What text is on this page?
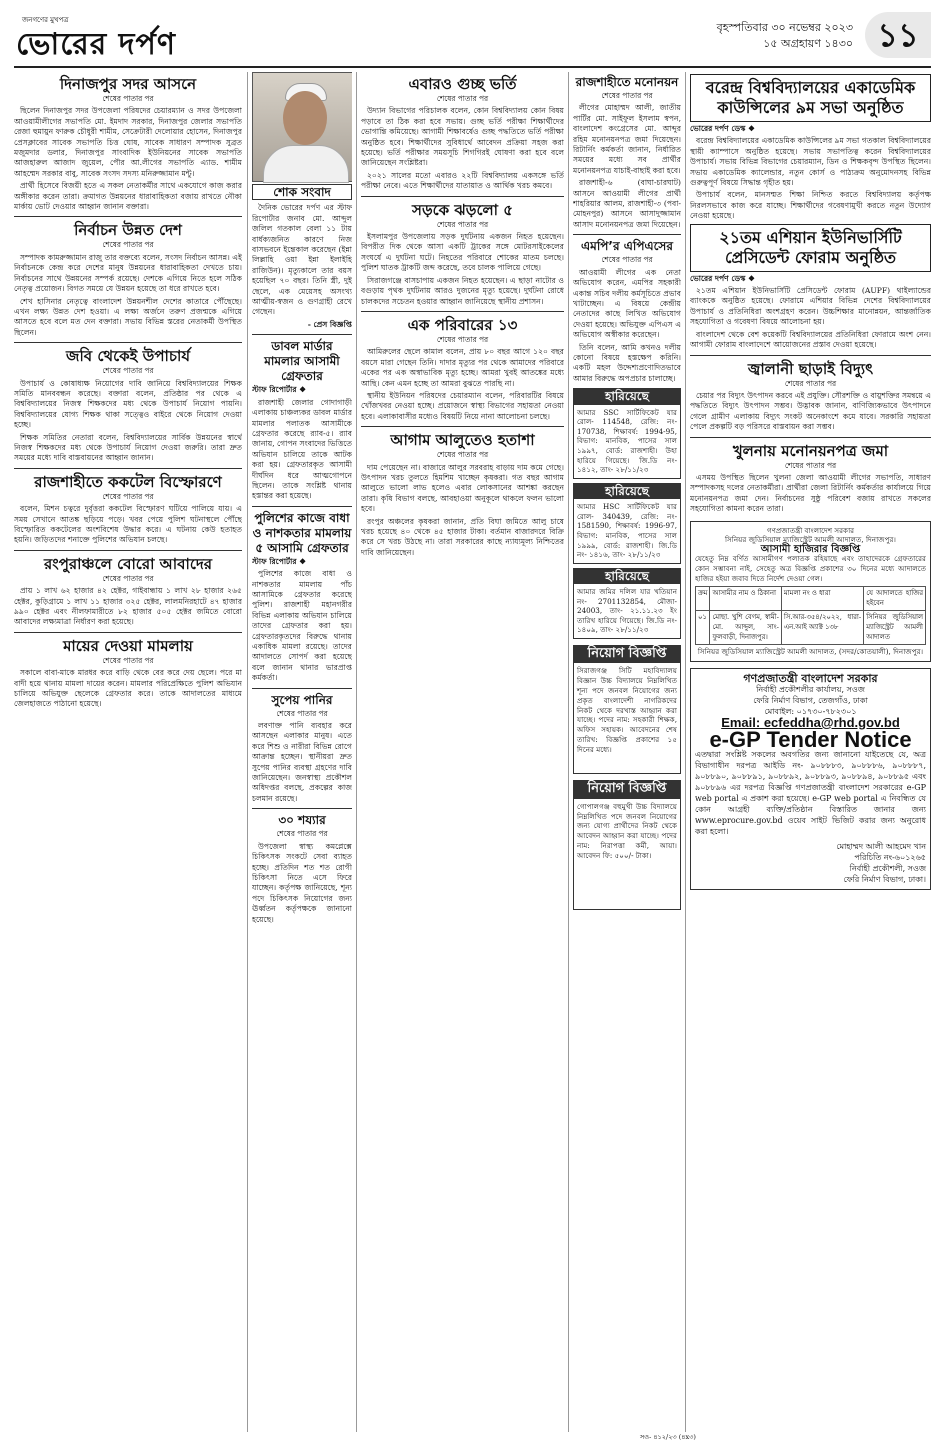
জনগণের মুখপত্র
ভোরের দর্পণ	বৃহস্পতিবার ৩০ নভেম্বর ২০২৩
১৫ অগ্রহায়ণ ১৪৩০ ১১
দিনাজপুর সদর আসনে
শেষের পাতার পর

ছিলেন দিনাজপুর সদর উপজেলা পরিষদের চেয়ারম্যান ও সদর উপজেলা আওয়ামীলীগের সভাপতি মো. ইমদাদ সরকার, দিনাজপুর জেলার সভাপতি রেজা হুমায়ুন ফারুক চৌধুরী শামীম, সেক্রেটারী দেলোয়ার হোসেন, দিনাজপুর প্রেসক্লাবের সাবেক সভাপতি চিত্ত ঘোষ, সাবেক সাধারণ সম্পাদক সুব্রত মজুমদার ডলার, দিনাজপুর সাংবাদিক ইউনিয়নের সাবেক সভাপতি আজহারুল আজাদ জুয়েল, পৌর আ.লীগের সভাপতি এ্যাড. শামীম আহম্মেদ সরকার বাবু, সাবেক সংসদ সদস্য মনিরুজ্জামান মন্টু।

প্রার্থী হিসেবে বিজয়ী হতে এ সকল নেতাকর্মীর সাথে একযোগে কাজ করার অঙ্গীকার করেন তারা। ক্রমাগত উন্নয়নের ধারাবাহিকতা বজায় রাখতে নৌকা মার্কায় ভোট দেওয়ার আহ্বান জানান বক্তারা।

নির্বাচন উন্নত দেশ
শেষের পাতার পর

সম্পাদক কামরুজ্জামান রাজু তার বক্তব্যে বলেন, সংসদ নির্বাচন আসন্ন। এই নির্বাচনকে কেন্দ্র করে দেশের মানুষ উন্নয়নের ধারাবাহিকতা দেখতে চায়। নির্বাচনের সাথে উন্নয়নের সম্পর্ক রয়েছে। দেশকে এগিয়ে নিতে হলে সঠিক নেতৃত্ব প্রয়োজন। বিগত সময়ে যে উন্নয়ন হয়েছে তা ধরে রাখতে হবে।

শেখ হাসিনার নেতৃত্বে বাংলাদেশ উন্নয়নশীল দেশের কাতারে পৌঁছেছে। এখন লক্ষ্য উন্নত দেশ হওয়া। এ লক্ষ্য অর্জনে তরুণ প্রজন্মকে এগিয়ে আসতে হবে বলে মত দেন বক্তারা। সভায় বিভিন্ন স্তরের নেতাকর্মী উপস্থিত ছিলেন।

জবি থেকেই উপাচার্য
শেষের পাতার পর

উপাচার্য ও কোষাধ্যক্ষ নিয়োগের দাবি জানিয়ে বিশ্ববিদ্যালয়ের শিক্ষক সমিতি মানববন্ধন করেছে। বক্তারা বলেন, প্রতিষ্ঠার পর থেকে এ বিশ্ববিদ্যালয়ের নিজস্ব শিক্ষকদের মধ্য থেকে উপাচার্য নিয়োগ পায়নি। বিশ্ববিদ্যালয়ের যোগ্য শিক্ষক থাকা সত্ত্বেও বাইরে থেকে নিয়োগ দেওয়া হচ্ছে।

শিক্ষক সমিতির নেতারা বলেন, বিশ্ববিদ্যালয়ের সার্বিক উন্নয়নের স্বার্থে নিজস্ব শিক্ষকদের মধ্য থেকে উপাচার্য নিয়োগ দেওয়া জরুরি। তারা দ্রুত সময়ের মধ্যে দাবি বাস্তবায়নের আহ্বান জানান।

রাজশাহীতে ককটেল বিস্ফোরণে
শেষের পাতার পর

বলেন, মিশন চত্বরে দুর্বৃত্তরা ককটেল বিস্ফোরণ ঘটিয়ে পালিয়ে যায়। এ সময় সেখানে আতঙ্ক ছড়িয়ে পড়ে। খবর পেয়ে পুলিশ ঘটনাস্থলে পৌঁছে বিস্ফোরিত ককটেলের অংশবিশেষ উদ্ধার করে। এ ঘটনায় কেউ হতাহত হয়নি। জড়িতদের শনাক্তে পুলিশের অভিযান চলছে।

রংপুরাঞ্চলে বোরো আবাদের
শেষের পাতার পর

প্রায় ১ লাখ ৬২ হাজার ৪২ হেক্টর, গাইবান্ধায় ১ লাখ ২৮ হাজার ২৬৫ হেক্টর, কুড়িগ্রামে ১ লাখ ১১ হাজার ৩২৫ হেক্টর, লালমনিরহাটে ৪৭ হাজার ৯৯০ হেক্টর এবং নীলফামারীতে ৮২ হাজার ৫০৫ হেক্টর জমিতে বোরো আবাদের লক্ষ্যমাত্রা নির্ধারণ করা হয়েছে।

মায়ের দেওয়া মামলায়
শেষের পাতার পর

সকালে বাবা-মাকে মারধর করে বাড়ি থেকে বের করে দেয় ছেলে। পরে মা বাদী হয়ে থানায় মামলা দায়ের করেন। মামলার পরিপ্রেক্ষিতে পুলিশ অভিযান চালিয়ে অভিযুক্ত ছেলেকে গ্রেফতার করে। তাকে আদালতের মাধ্যমে জেলহাজতে পাঠানো হয়েছে।

শোক সংবাদ

দৈনিক ভোরের দর্পণ এর স্টাফ রিপোর্টার জনাব মো. আব্দুল জলিল গতকাল বেলা ১১ টায় বার্ধক্যজনিত কারণে নিজ বাসভবনে ইন্তেকাল করেছেন (ইন্না লিল্লাহি ওয়া ইন্না ইলাইহি রাজিউন)। মৃত্যুকালে তার বয়স হয়েছিল ৭০ বছর। তিনি স্ত্রী, দুই ছেলে, এক মেয়েসহ অসংখ্য আত্মীয়-স্বজন ও গুণগ্রাহী রেখে গেছেন।

- প্রেস বিজ্ঞপ্তি
ডাবল মার্ডার মামলার আসামী গ্রেফতার
স্টাফ রিপোর্টার ❖

রাজশাহী জেলার গোদাগাড়ী এলাকায় চাঞ্চল্যকর ডাবল মার্ডার মামলার পলাতক আসামীকে গ্রেফতার করেছে র‌্যাব-৫। র‌্যাব জানায়, গোপন সংবাদের ভিত্তিতে অভিযান চালিয়ে তাকে আটক করা হয়। গ্রেফতারকৃত আসামী দীর্ঘদিন ধরে আত্মগোপনে ছিলেন। তাকে সংশ্লিষ্ট থানায় হস্তান্তর করা হয়েছে।

পুলিশের কাজে বাধা ও নাশকতার মামলায় ৫ আসামি গ্রেফতার
স্টাফ রিপোর্টার ❖

পুলিশের কাজে বাধা ও নাশকতার মামলায় পাঁচ আসামিকে গ্রেফতার করেছে পুলিশ। রাজশাহী মহানগরীর বিভিন্ন এলাকায় অভিযান চালিয়ে তাদের গ্রেফতার করা হয়। গ্রেফতারকৃতদের বিরুদ্ধে থানায় একাধিক মামলা রয়েছে। তাদের আদালতে সোপর্দ করা হয়েছে বলে জানান থানার ভারপ্রাপ্ত কর্মকর্তা।

সুপেয় পানির
শেষের পাতার পর

লবণাক্ত পানি ব্যবহার করে আসছেন এলাকার মানুষ। এতে করে শিশু ও নারীরা বিভিন্ন রোগে আক্রান্ত হচ্ছেন। স্থানীয়রা দ্রুত সুপেয় পানির ব্যবস্থা গ্রহণের দাবি জানিয়েছেন। জনস্বাস্থ্য প্রকৌশল অধিদপ্তর বলছে, প্রকল্পের কাজ চলমান রয়েছে।

৩০ শয্যার
শেষের পাতার পর

উপজেলা স্বাস্থ্য কমপ্লেক্সে চিকিৎসক সংকটে সেবা ব্যাহত হচ্ছে। প্রতিদিন শত শত রোগী চিকিৎসা নিতে এসে ফিরে যাচ্ছেন। কর্তৃপক্ষ জানিয়েছে, শূন্য পদে চিকিৎসক নিয়োগের জন্য ঊর্ধ্বতন কর্তৃপক্ষকে জানানো হয়েছে।

এবারও গুচ্ছ ভর্তি
শেষের পাতার পর

উদ্যান বিভাগের পরিচালক বলেন, কোন বিশ্ববিদ্যালয় কোন বিষয় পড়াবে তা ঠিক করা হবে সভায়। গুচ্ছ ভর্তি পরীক্ষা শিক্ষার্থীদের ভোগান্তি কমিয়েছে। আগামী শিক্ষাবর্ষেও গুচ্ছ পদ্ধতিতে ভর্তি পরীক্ষা অনুষ্ঠিত হবে। শিক্ষার্থীদের সুবিধার্থে আবেদন প্রক্রিয়া সহজ করা হয়েছে। ভর্তি পরীক্ষার সময়সূচি শিগগিরই ঘোষণা করা হবে বলে জানিয়েছেন সংশ্লিষ্টরা।

২০২১ সালের মতো এবারও ২২টি বিশ্ববিদ্যালয় একসঙ্গে ভর্তি পরীক্ষা নেবে। এতে শিক্ষার্থীদের যাতায়াত ও আর্থিক খরচ কমবে।

সড়কে ঝড়লো ৫
শেষের পাতার পর

ইসলামপুর উপজেলায় সড়ক দুর্ঘটনায় একজন নিহত হয়েছেন। বিপরীত দিক থেকে আসা একটি ট্রাকের সঙ্গে মোটরসাইকেলের সংঘর্ষে এ দুর্ঘটনা ঘটে। নিহতের পরিবারে শোকের মাতম চলছে। পুলিশ ঘাতক ট্রাকটি জব্দ করেছে, তবে চালক পালিয়ে গেছে।

সিরাজগঞ্জে বাসচাপায় একজন নিহত হয়েছেন। এ ছাড়া নাটোর ও বগুড়ায় পৃথক দুর্ঘটনায় আরও দুজনের মৃত্যু হয়েছে। দুর্ঘটনা রোধে চালকদের সচেতন হওয়ার আহ্বান জানিয়েছে স্থানীয় প্রশাসন।

এক পরিবারের ১৩
শেষের পাতার পর

আমিরুলের ছেলে কামাল বলেন, প্রায় ৮০ বছর আগে ১২০ বছর বয়সে মারা গেছেন তিনি। দাদার মৃত্যুর পর থেকে আমাদের পরিবারে একের পর এক অস্বাভাবিক মৃত্যু হচ্ছে। আমরা খুবই আতঙ্কের মধ্যে আছি। কেন এমন হচ্ছে তা আমরা বুঝতে পারছি না।

স্থানীয় ইউনিয়ন পরিষদের চেয়ারম্যান বলেন, পরিবারটির বিষয়ে খোঁজখবর নেওয়া হচ্ছে। প্রয়োজনে স্বাস্থ্য বিভাগের সহায়তা নেওয়া হবে। এলাকাবাসীর মধ্যেও বিষয়টি নিয়ে নানা আলোচনা চলছে।

আগাম আলুতেও হতাশা
শেষের পাতার পর

দাম পেয়েছেন না। বাজারে আলুর সরবরাহ বাড়ায় দাম কমে গেছে। উৎপাদন খরচ তুলতে হিমশিম খাচ্ছেন কৃষকরা। গত বছর আগাম আলুতে ভালো লাভ হলেও এবার লোকসানের আশঙ্কা করছেন তারা। কৃষি বিভাগ বলছে, আবহাওয়া অনুকূলে থাকলে ফলন ভালো হবে।

রংপুর অঞ্চলের কৃষকরা জানান, প্রতি বিঘা জমিতে আলু চাষে খরচ হয়েছে ৪০ থেকে ৪৫ হাজার টাকা। বর্তমান বাজারদরে বিক্রি করে সে খরচ উঠছে না। তারা সরকারের কাছে ন্যায্যমূল্য নিশ্চিতের দাবি জানিয়েছেন।

রাজশাহীতে মনোনয়ন
শেষের পাতার পর

লীগের মোহাম্মদ আলী, জাতীয় পার্টির মো. সাইফুল ইসলাম স্বপন, বাংলাদেশ কংগ্রেসের মো. আব্দুর রহিম মনোনয়নপত্র জমা দিয়েছেন। রিটার্নিং কর্মকর্তা জানান, নির্ধারিত সময়ের মধ্যে সব প্রার্থীর মনোনয়নপত্র যাচাই-বাছাই করা হবে।

রাজশাহী-৬ (বাঘা-চারঘাট) আসনে আওয়ামী লীগের প্রার্থী শাহরিয়ার আলম, রাজশাহী-৩ (পবা-মোহনপুর) আসনে আসাদুজ্জামান আসাদ মনোনয়নপত্র জমা দিয়েছেন।

এমপি’র এপিএসের
শেষের পাতার পর

আওয়ামী লীগের এক নেতা অভিযোগ করেন, এমপির সহকারী একান্ত সচিব দলীয় কর্মসূচিতে প্রভাব খাটাচ্ছেন। এ বিষয়ে কেন্দ্রীয় নেতাদের কাছে লিখিত অভিযোগ দেওয়া হয়েছে। অভিযুক্ত এপিএস এ অভিযোগ অস্বীকার করেছেন।

তিনি বলেন, আমি কখনও দলীয় কোনো বিষয়ে হস্তক্ষেপ করিনি। একটি মহল উদ্দেশ্যপ্রণোদিতভাবে আমার বিরুদ্ধে অপপ্রচার চালাচ্ছে।

হারিয়েছে
আমার SSC সার্টিফিকেট যার রোল- 114548, রেজি: নং- 170738, শিক্ষাবর্ষ: 1994-95, বিভাগ: মানবিক, পাসের সাল ১৯৯৭, বোর্ড: রাজশাহী। উহা হারিয়ে গিয়েছে। জি.ডি নং- ১৪১২, তাং- ২৮/১১/২৩
হারিয়েছে
আমার HSC সার্টিফিকেট যার রোল- 340439, রেজি: নং- 1581590, শিক্ষাবর্ষ: 1996-97, বিভাগ: মানবিক, পাসের সাল ১৯৯৯, বোর্ড: রাজশাহী। জি.ডি নং- ১৪১৬, তাং- ২৮/১১/২৩
হারিয়েছে
আমার জমির দলিল যার খতিয়ান নং- 2701132854, মৌজা- 24003, তাং- ২১.১১.২৩ ইং তারিখ হারিয়ে গিয়েছে। জি.ডি নং- ১৪০৯, তাং- ২৮/১১/২৩
নিয়োগ বিজ্ঞপ্তি
সিরাজগঞ্জ সিটি মহাবিদ্যালয় বিজ্ঞান উচ্চ বিদ্যালয়ে নিম্নলিখিত শূন্য পদে জনবল নিয়োগের জন্য প্রকৃত বাংলাদেশী নাগরিকদের নিকট থেকে দরখাস্ত আহ্বান করা যাচ্ছে। পদের নাম: সহকারী শিক্ষক, অফিস সহায়ক। আবেদনের শেষ তারিখ: বিজ্ঞপ্তি প্রকাশের ১৫ দিনের মধ্যে।
নিয়োগ বিজ্ঞপ্তি
গোপালগঞ্জ বহুমুখী উচ্চ বিদ্যালয়ে নিম্নলিখিত পদে জনবল নিয়োগের জন্য যোগ্য প্রার্থীদের নিকট থেকে আবেদন আহ্বান করা যাচ্ছে। পদের নাম: নিরাপত্তা কর্মী, আয়া। আবেদন ফি: ৫০০/- টাকা।
বরেন্দ্র বিশ্ববিদ্যালয়ের একাডেমিক কাউন্সিলের ৯ম সভা অনুষ্ঠিত
ভোরের দর্পণ ডেস্ক ❖

বরেন্দ্র বিশ্ববিদ্যালয়ের একাডেমিক কাউন্সিলের ৯ম সভা গতকাল বিশ্ববিদ্যালয়ের স্থায়ী ক্যাম্পাসে অনুষ্ঠিত হয়েছে। সভায় সভাপতিত্ব করেন বিশ্ববিদ্যালয়ের উপাচার্য। সভায় বিভিন্ন বিভাগের চেয়ারম্যান, ডিন ও শিক্ষকবৃন্দ উপস্থিত ছিলেন। সভায় একাডেমিক ক্যালেন্ডার, নতুন কোর্স ও পাঠ্যক্রম অনুমোদনসহ বিভিন্ন গুরুত্বপূর্ণ বিষয়ে সিদ্ধান্ত গৃহীত হয়।

উপাচার্য বলেন, মানসম্মত শিক্ষা নিশ্চিত করতে বিশ্ববিদ্যালয় কর্তৃপক্ষ নিরলসভাবে কাজ করে যাচ্ছে। শিক্ষার্থীদের গবেষণামুখী করতে নতুন উদ্যোগ নেওয়া হয়েছে।

২১তম এশিয়ান ইউনিভার্সিটি প্রেসিডেন্ট ফোরাম অনুষ্ঠিত
ভোরের দর্পণ ডেস্ক ❖

২১তম এশিয়ান ইউনিভার্সিটি প্রেসিডেন্ট ফোরাম (AUPF) থাইল্যান্ডের ব্যাংককে অনুষ্ঠিত হয়েছে। ফোরামে এশিয়ার বিভিন্ন দেশের বিশ্ববিদ্যালয়ের উপাচার্য ও প্রতিনিধিরা অংশগ্রহণ করেন। উচ্চশিক্ষার মানোন্নয়ন, আন্তর্জাতিক সহযোগিতা ও গবেষণা বিষয়ে আলোচনা হয়।

বাংলাদেশ থেকে বেশ কয়েকটি বিশ্ববিদ্যালয়ের প্রতিনিধিরা ফোরামে অংশ নেন। আগামী ফোরাম বাংলাদেশে আয়োজনের প্রস্তাব দেওয়া হয়েছে।

জ্বালানী ছাড়াই বিদ্যুৎ
শেষের পাতার পর

চেয়ার পর বিদ্যুৎ উৎপাদন করবে এই প্রযুক্তি। সৌরশক্তি ও বায়ুশক্তির সমন্বয়ে এ পদ্ধতিতে বিদ্যুৎ উৎপাদন সম্ভব। উদ্ভাবক জানান, বাণিজ্যিকভাবে উৎপাদনে গেলে গ্রামীণ এলাকায় বিদ্যুৎ সংকট অনেকাংশে কমে যাবে। সরকারি সহায়তা পেলে প্রকল্পটি বড় পরিসরে বাস্তবায়ন করা সম্ভব।

খুলনায় মনোনয়নপত্র জমা
শেষের পাতার পর

এসময় উপস্থিত ছিলেন খুলনা জেলা আওয়ামী লীগের সভাপতি, সাধারণ সম্পাদকসহ দলের নেতাকর্মীরা। প্রার্থীরা জেলা রিটার্নিং কর্মকর্তার কার্যালয়ে গিয়ে মনোনয়নপত্র জমা দেন। নির্বাচনের সুষ্ঠু পরিবেশ বজায় রাখতে সকলের সহযোগিতা কামনা করেন তারা।

গণপ্রজাতন্ত্রী বাংলাদেশ সরকার
সিনিয়র জুডিসিয়াল ম্যাজিস্ট্রেট আমলী আদালত, দিনাজপুর।
আসামী হাজিরার বিজ্ঞপ্তি
যেহেতু নিম্ন বর্ণিত আসামীগণ পলাতক রহিয়াছে এবং তাহাদেরকে গ্রেফতারের কোন সম্ভাবনা নাই, সেহেতু অত্র বিজ্ঞপ্তি প্রকাশের ৩০ দিনের মধ্যে আদালতে হাজির হইয়া জবাব দিতে নির্দেশ দেওয়া গেল।
ক্রম	আসামীর নাম ও ঠিকানা	মামলা নং ও ধারা	যে আদালতে হাজির হইবেন
০১	মোছা. খুশি বেগম, স্বামী- মো. আব্দুল, সাং- ফুলবাড়ী, দিনাজপুর।	সি.আর-৩৫৪/২০২২, ধারা- এন.আই অ্যাক্ট ১৩৮	সিনিয়র জুডিসিয়াল ম্যাজিস্ট্রেট আমলী আদালত
সিনিয়র জুডিসিয়াল ম্যাজিস্ট্রেট আমলী আদালত, (সদর/কোতয়ালী), দিনাজপুর।
গণপ্রজাতন্ত্রী বাংলাদেশ সরকার
নির্বাহী প্রকৌশলীর কার্যালয়, সওজ
ফেরি নির্মাণ বিভাগ, তেজগাঁও, ঢাকা
মোবাইল: ০১৭৩০-৭৮২৩০১
Email: ecfeddha@rhd.gov.bd
e-GP Tender Notice
এতদ্বারা সংশ্লিষ্ট সকলের অবগতির জন্য জানানো যাইতেছে যে, অত্র বিভাগাধীন দরপত্র আইডি নং- ৯০৮৮৮৩, ৯০৮৮৮৬, ৯০৮৮৮৭, ৯০৮৮৯০, ৯০৮৮৯১, ৯০৮৮৯২, ৯০৮৮৯৩, ৯০৮৮৯৪, ৯০৮৮৯৫ এবং ৯০৮৮৯৬ এর দরপত্র বিজ্ঞপ্তি গণপ্রজাতন্ত্রী বাংলাদেশ সরকারের e-GP web portal এ প্রকাশ করা হয়েছে। e-GP web portal এ নিবন্ধিত যে কোন আগ্রহী ব্যক্তি/প্রতিষ্ঠান বিস্তারিত জানার জন্য www.eprocure.gov.bd ওয়েব সাইট ভিজিট করার জন্য অনুরোধ করা হলো।
মোহাম্মদ আলী আহমেদ খান
পরিচিতি নং-৬০১২৬৫
নির্বাহী প্রকৌশলী, সওজ
ফেরি নির্মাণ বিভাগ, ঢাকা।
সও- ৪১২/২৩ (৪x৩)
